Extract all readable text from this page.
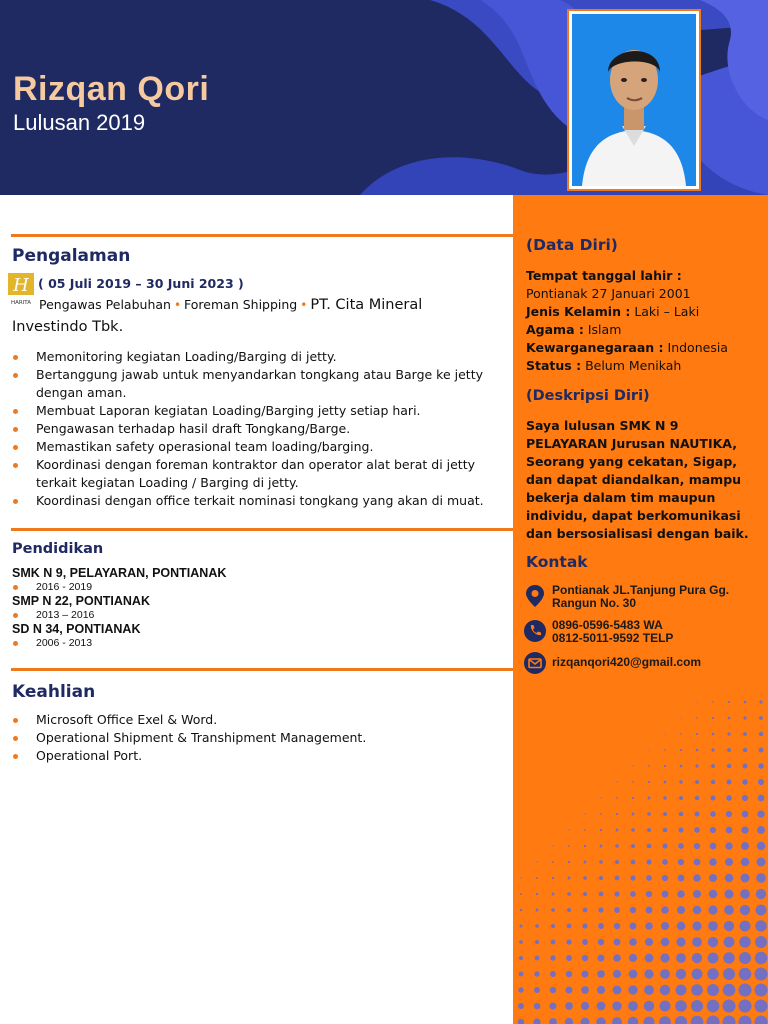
Rizqan Qori
Lulusan 2019
Pengalaman
H
HARITA
( 05 Juli 2019 – 30 Juni 2023 )
Pengawas Pelabuhan • Foreman Shipping • PT. Cita Mineral Investindo Tbk.
Memonitoring kegiatan Loading/Barging di jetty.
Bertanggung jawab untuk menyandarkan tongkang atau Barge ke jetty dengan aman.
Membuat Laporan kegiatan Loading/Barging jetty setiap hari.
Pengawasan terhadap hasil draft Tongkang/Barge.
Memastikan safety operasional team loading/barging.
Koordinasi dengan foreman kontraktor dan operator alat berat di jetty terkait kegiatan Loading / Barging di jetty.
Koordinasi dengan office terkait nominasi tongkang yang akan di muat.
Pendidikan
SMK N 9, PELAYARAN, PONTIANAK
2016 - 2019
SMP N 22, PONTIANAK
2013 – 2016
SD N 34, PONTIANAK
2006 - 2013
Keahlian
Microsoft Office Exel & Word.
Operational Shipment & Transhipment Management.
Operational Port.
(Data Diri)
Tempat tanggal lahir :
Pontianak 27 Januari 2001
Jenis Kelamin : Laki – Laki
Agama : Islam
Kewarganegaraan : Indonesia
Status : Belum Menikah
(Deskripsi Diri)
Saya lulusan SMK N 9 PELAYARAN Jurusan NAUTIKA, Seorang yang cekatan, Sigap, dan dapat diandalkan, mampu bekerja dalam tim maupun individu, dapat berkomunikasi dan bersosialisasi dengan baik.
Kontak
Pontianak JL.Tanjung Pura Gg.
Rangun No. 30
0896-0596-5483 WA
0812-5011-9592 TELP
rizqanqori420@gmail.com
